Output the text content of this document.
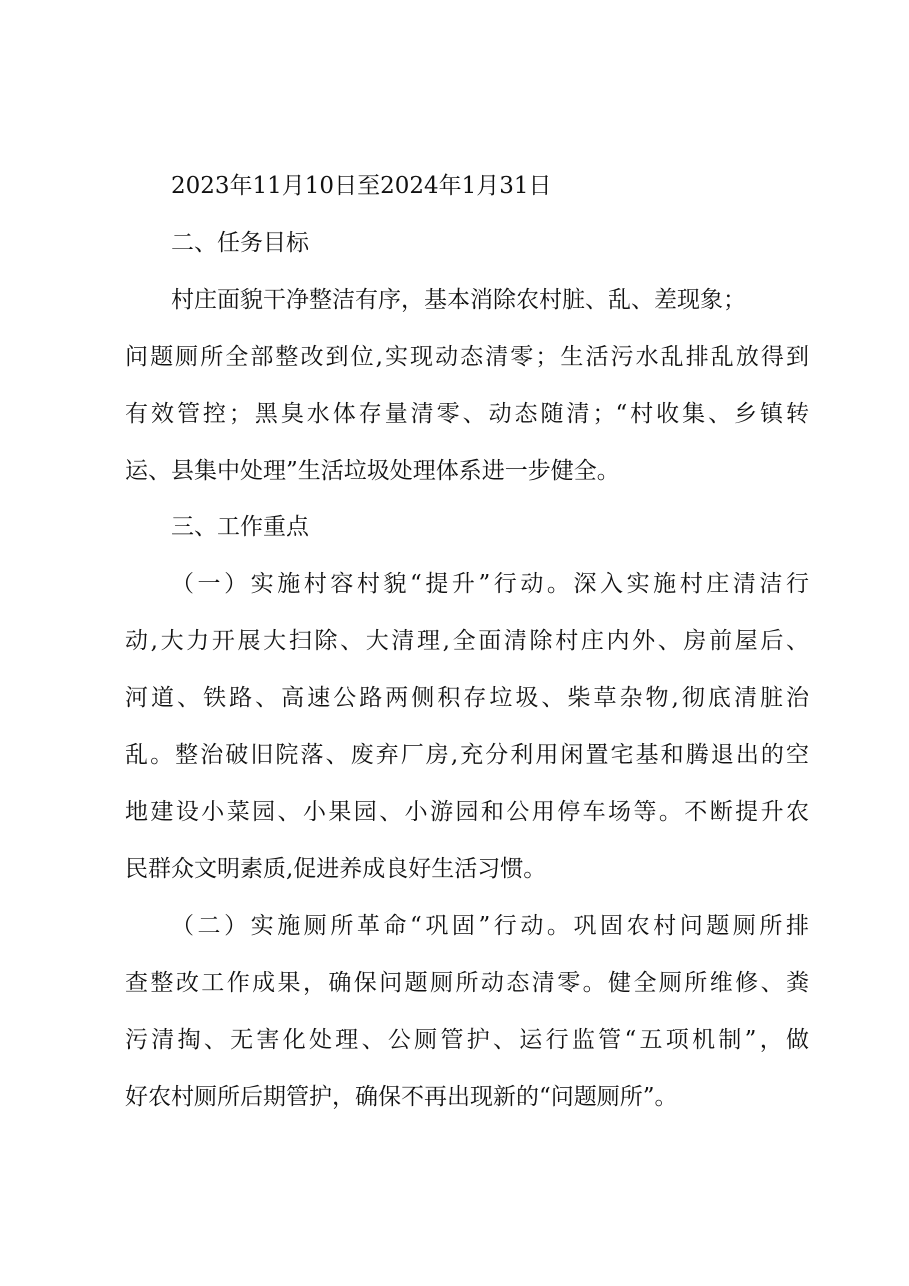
2023年11月10日至2024年1月31日
二、任务目标
村庄面貌干净整洁有序，基本消除农村脏、乱、差现象；
问题厕所全部整改到位,实现动态清零；生活污水乱排乱放得到
有效管控；黑臭水体存量清零、动态随清；“村收集、乡镇转
运、县集中处理”生活垃圾处理体系进一步健全。
三、工作重点
（一）实施村容村貌“提升”行动。深入实施村庄清洁行
动,大力开展大扫除、大清理,全面清除村庄内外、房前屋后、
河道、铁路、高速公路两侧积存垃圾、柴草杂物,彻底清脏治
乱。整治破旧院落、废弃厂房,充分利用闲置宅基和腾退出的空
地建设小菜园、小果园、小游园和公用停车场等。不断提升农
民群众文明素质,促进养成良好生活习惯。
（二）实施厕所革命“巩固”行动。巩固农村问题厕所排
查整改工作成果，确保问题厕所动态清零。健全厕所维修、粪
污清掏、无害化处理、公厕管护、运行监管“五项机制”，做
好农村厕所后期管护，确保不再出现新的“问题厕所”。
